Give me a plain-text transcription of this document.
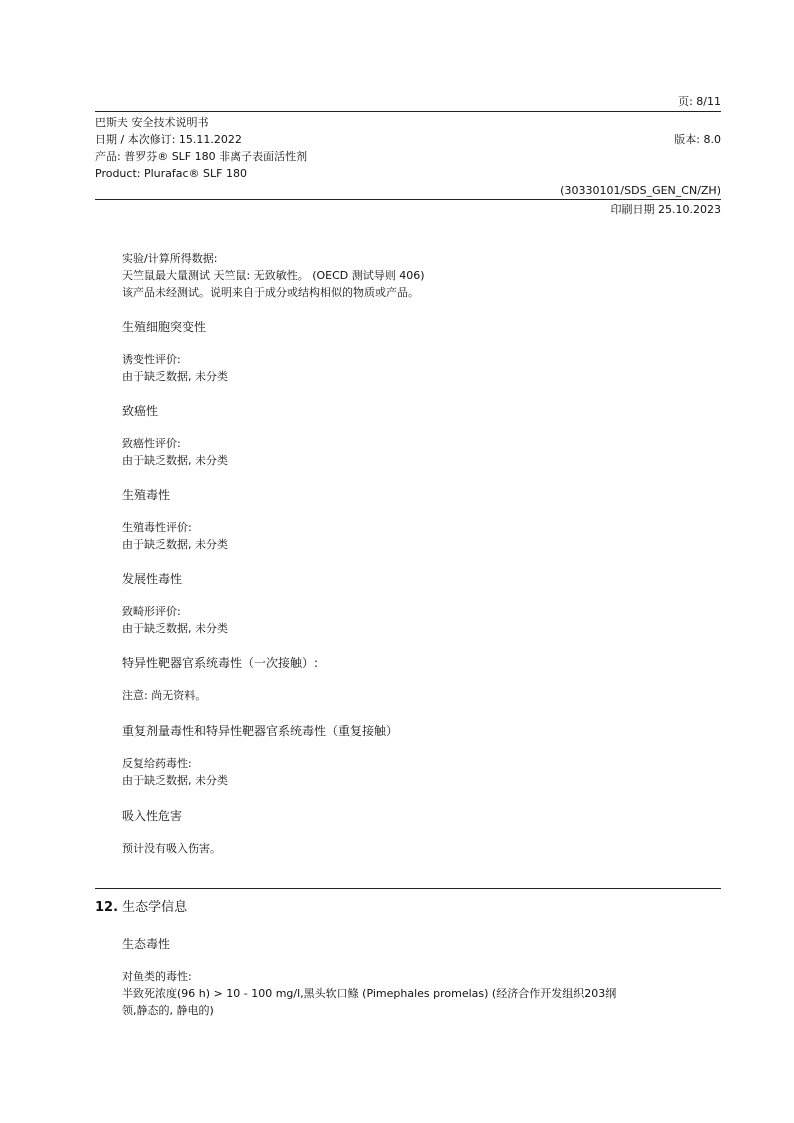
页: 8/11
巴斯夫 安全技术说明书
日期 / 本次修订: 15.11.2022	版本: 8.0
产品: 普罗芬® SLF 180 非离子表面活性剂
Product: Plurafac® SLF 180
(30330101/SDS_GEN_CN/ZH)
印刷日期 25.10.2023
实验/计算所得数据:
天竺鼠最大量测试 天竺鼠: 无致敏性。 (OECD 测试导则 406)
该产品未经测试。说明来自于成分或结构相似的物质或产品。
生殖细胞突变性
诱变性评价:
由于缺乏数据, 未分类
致癌性
致癌性评价:
由于缺乏数据, 未分类
生殖毒性
生殖毒性评价:
由于缺乏数据, 未分类
发展性毒性
致畸形评价:
由于缺乏数据, 未分类
特异性靶器官系统毒性（一次接触）:
注意: 尚无资料。
重复剂量毒性和特异性靶器官系统毒性（重复接触）
反复给药毒性:
由于缺乏数据, 未分类
吸入性危害
预计没有吸入伤害。
12. 生态学信息
生态毒性
对鱼类的毒性:
半致死浓度(96 h) > 10 - 100 mg/l,黑头软口鲦 (Pimephales promelas) (经济合作开发组织203纲
领,静态的, 静电的)
